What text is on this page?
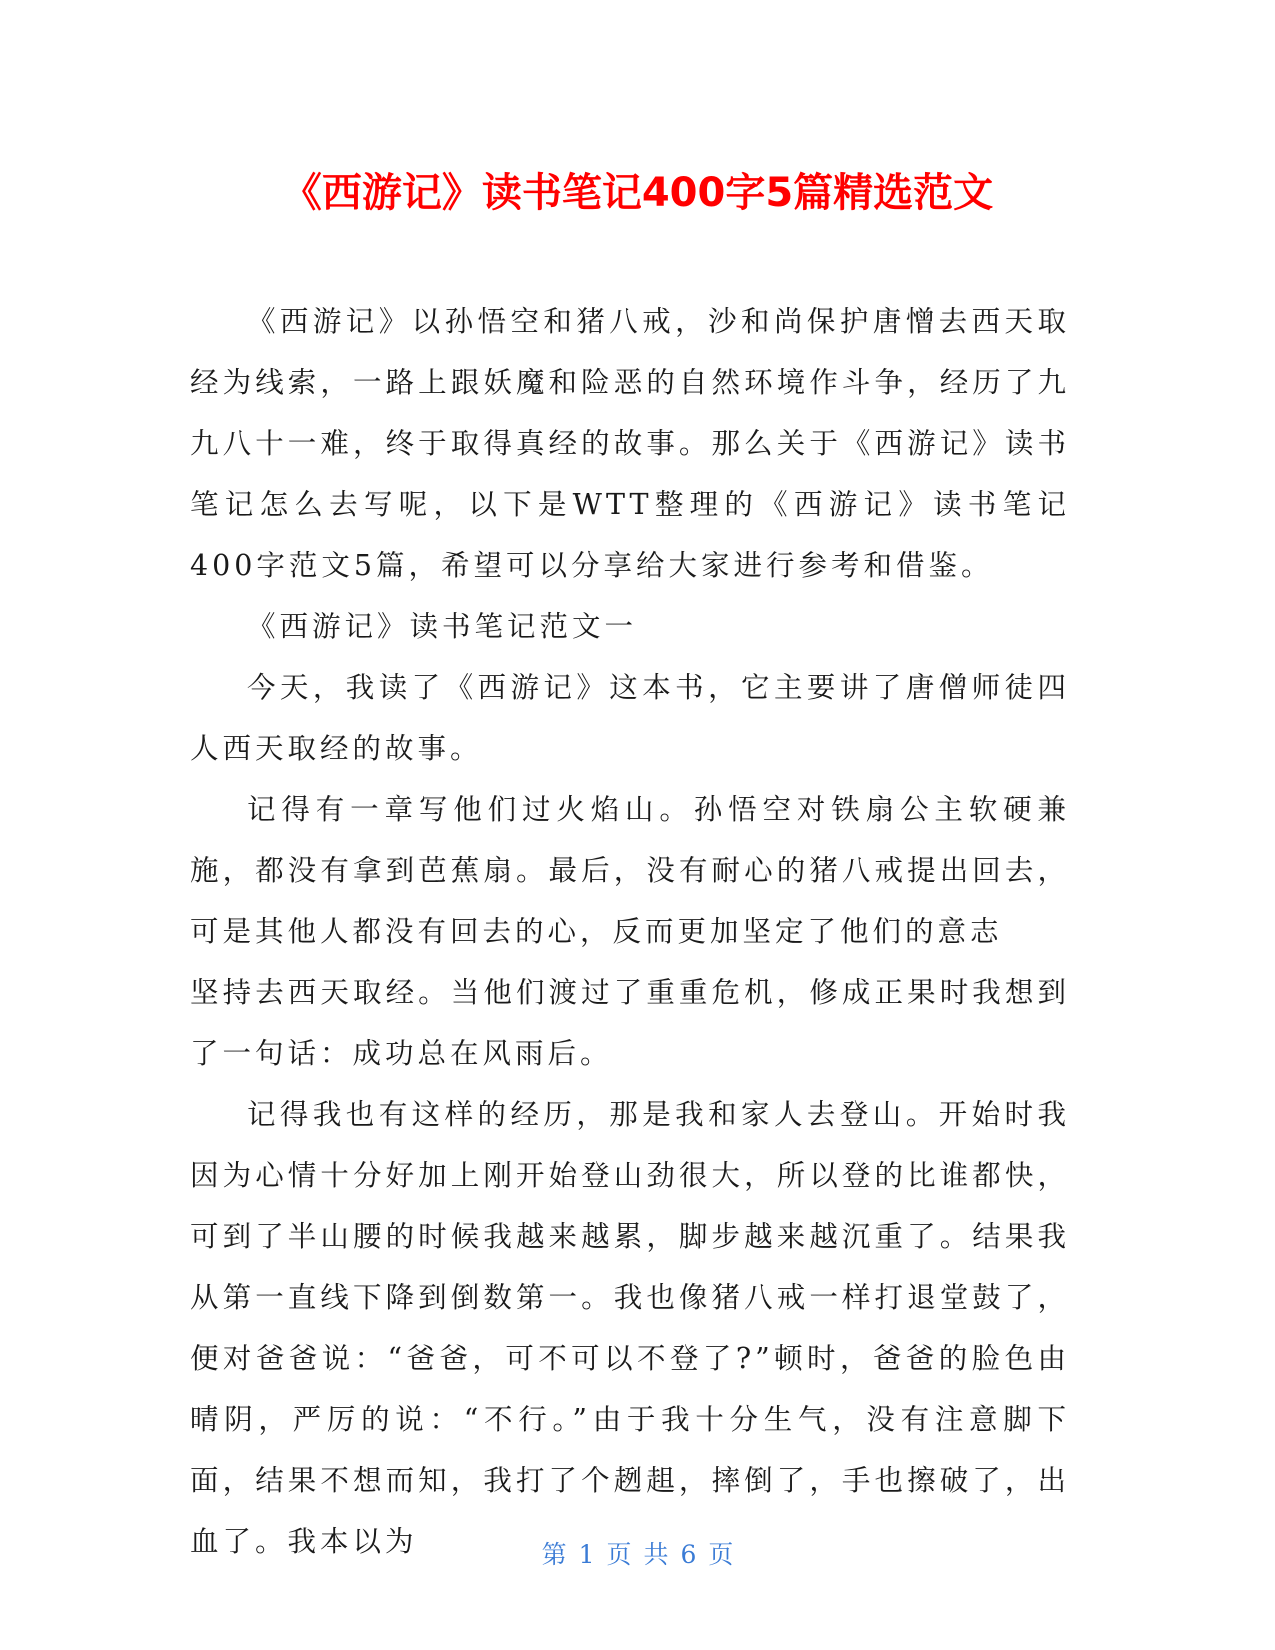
《西游记》读书笔记400字5篇精选范文

《西游记》以孙悟空和猪八戒，沙和尚保护唐憎去西天取经为线索，一路上跟妖魔和险恶的自然环境作斗争，经历了九九八十一难，终于取得真经的故事。那么关于《西游记》读书笔记怎么去写呢，以下是WTT整理的《西游记》读书笔记400字范文5篇，希望可以分享给大家进行参考和借鉴。

《西游记》读书笔记范文一

今天，我读了《西游记》这本书，它主要讲了唐僧师徒四人西天取经的故事。

记得有一章写他们过火焰山。孙悟空对铁扇公主软硬兼施，都没有拿到芭蕉扇。最后，没有耐心的猪八戒提出回去，可是其他人都没有回去的心，反而更加坚定了他们的意志

坚持去西天取经。当他们渡过了重重危机，修成正果时我想到了一句话：成功总在风雨后。

记得我也有这样的经历，那是我和家人去登山。开始时我因为心情十分好加上刚开始登山劲很大，所以登的比谁都快，可到了半山腰的时候我越来越累，脚步越来越沉重了。结果我从第一直线下降到倒数第一。我也像猪八戒一样打退堂鼓了，便对爸爸说：“爸爸，可不可以不登了?”顿时，爸爸的脸色由晴阴，严厉的说：“不行。”由于我十分生气，没有注意脚下面，结果不想而知，我打了个趔趄，摔倒了，手也擦破了，出血了。我本以为	第 1 页 共 6 页
